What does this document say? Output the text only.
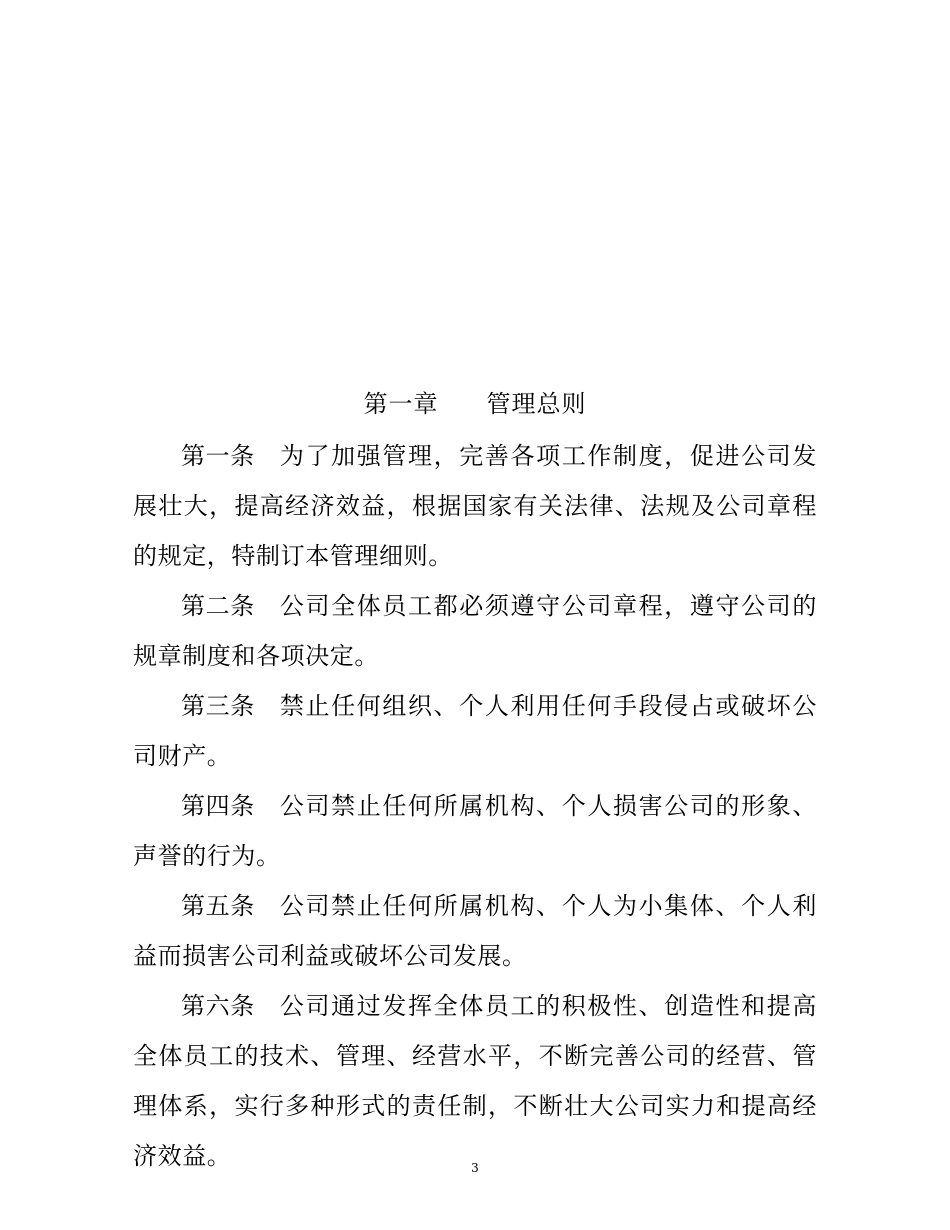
第一章 管理总则

第一条 为了加强管理，完善各项工作制度，促进公司发展壮大，提高经济效益，根据国家有关法律、法规及公司章程的规定，特制订本管理细则。

第二条 公司全体员工都必须遵守公司章程，遵守公司的规章制度和各项决定。

第三条 禁止任何组织、个人利用任何手段侵占或破坏公司财产。

第四条 公司禁止任何所属机构、个人损害公司的形象、声誉的行为。

第五条 公司禁止任何所属机构、个人为小集体、个人利益而损害公司利益或破坏公司发展。

第六条 公司通过发挥全体员工的积极性、创造性和提高全体员工的技术、管理、经营水平，不断完善公司的经营、管理体系，实行多种形式的责任制，不断壮大公司实力和提高经济效益。	3
